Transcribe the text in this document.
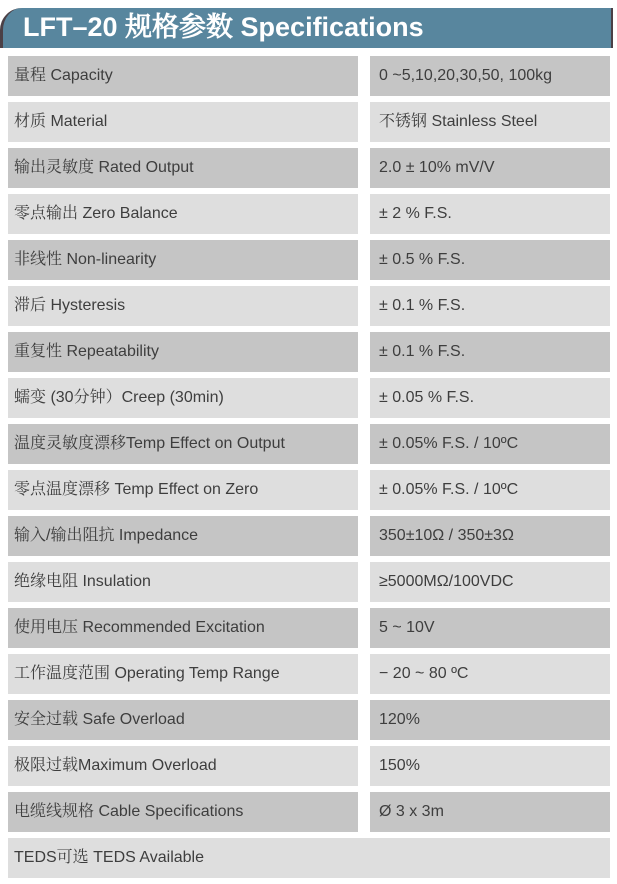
LFT–20 规格参数 Specifications
量程 Capacity	0 ~5,10,20,30,50, 100kg
材质 Material	不锈钢 Stainless Steel
输出灵敏度 Rated Output	2.0 ± 10% mV/V
零点输出 Zero Balance	± 2 % F.S.
非线性 Non-linearity	± 0.5 % F.S.
滞后 Hysteresis	± 0.1 % F.S.
重复性 Repeatability	± 0.1 % F.S.
蠕变 (30分钟）Creep (30min)	± 0.05 % F.S.
温度灵敏度漂移Temp Effect on Output	± 0.05% F.S. / 10ºC
零点温度漂移 Temp Effect on Zero	± 0.05% F.S. / 10ºC
输入/输出阻抗 Impedance	350±10Ω / 350±3Ω
绝缘电阻 Insulation	≥5000MΩ/100VDC
使用电压 Recommended Excitation	5 ~ 10V
工作温度范围 Operating Temp Range	− 20 ~ 80 ºC
安全过载 Safe Overload	120%
极限过载Maximum Overload	150%
电缆线规格 Cable Specifications	Ø 3 x 3m
TEDS可选 TEDS Available
